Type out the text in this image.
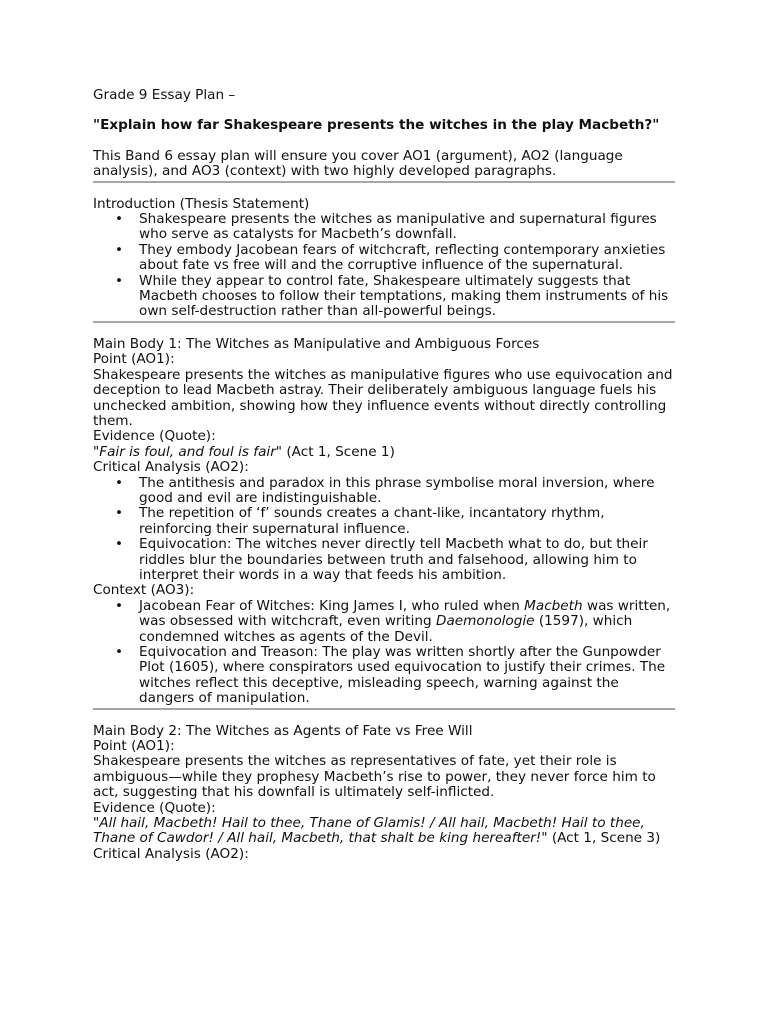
Grade 9 Essay Plan –

"Explain how far Shakespeare presents the witches in the play Macbeth?"

This Band 6 essay plan will ensure you cover AO1 (argument), AO2 (language analysis), and AO3 (context) with two highly developed paragraphs.

Introduction (Thesis Statement)

• Shakespeare presents the witches as manipulative and supernatural figures who serve as catalysts for Macbeth’s downfall.
• They embody Jacobean fears of witchcraft, reflecting contemporary anxieties about fate vs free will and the corruptive influence of the supernatural.
• While they appear to control fate, Shakespeare ultimately suggests that Macbeth chooses to follow their temptations, making them instruments of his own self-destruction rather than all-powerful beings.

Main Body 1: The Witches as Manipulative and Ambiguous Forces

Point (AO1):

Shakespeare presents the witches as manipulative figures who use equivocation and deception to lead Macbeth astray. Their deliberately ambiguous language fuels his unchecked ambition, showing how they influence events without directly controlling them.

Evidence (Quote):

"Fair is foul, and foul is fair" (Act 1, Scene 1)

Critical Analysis (AO2):

• The antithesis and paradox in this phrase symbolise moral inversion, where good and evil are indistinguishable.
• The repetition of ‘f’ sounds creates a chant-like, incantatory rhythm, reinforcing their supernatural influence.
• Equivocation: The witches never directly tell Macbeth what to do, but their riddles blur the boundaries between truth and falsehood, allowing him to interpret their words in a way that feeds his ambition.

Context (AO3):

• Jacobean Fear of Witches: King James I, who ruled when Macbeth was written, was obsessed with witchcraft, even writing Daemonologie (1597), which condemned witches as agents of the Devil.
• Equivocation and Treason: The play was written shortly after the Gunpowder Plot (1605), where conspirators used equivocation to justify their crimes. The witches reflect this deceptive, misleading speech, warning against the dangers of manipulation.

Main Body 2: The Witches as Agents of Fate vs Free Will

Point (AO1):

Shakespeare presents the witches as representatives of fate, yet their role is ambiguous—while they prophesy Macbeth’s rise to power, they never force him to act, suggesting that his downfall is ultimately self-inflicted.

Evidence (Quote):

"All hail, Macbeth! Hail to thee, Thane of Glamis! / All hail, Macbeth! Hail to thee, Thane of Cawdor! / All hail, Macbeth, that shalt be king hereafter!" (Act 1, Scene 3)

Critical Analysis (AO2):
